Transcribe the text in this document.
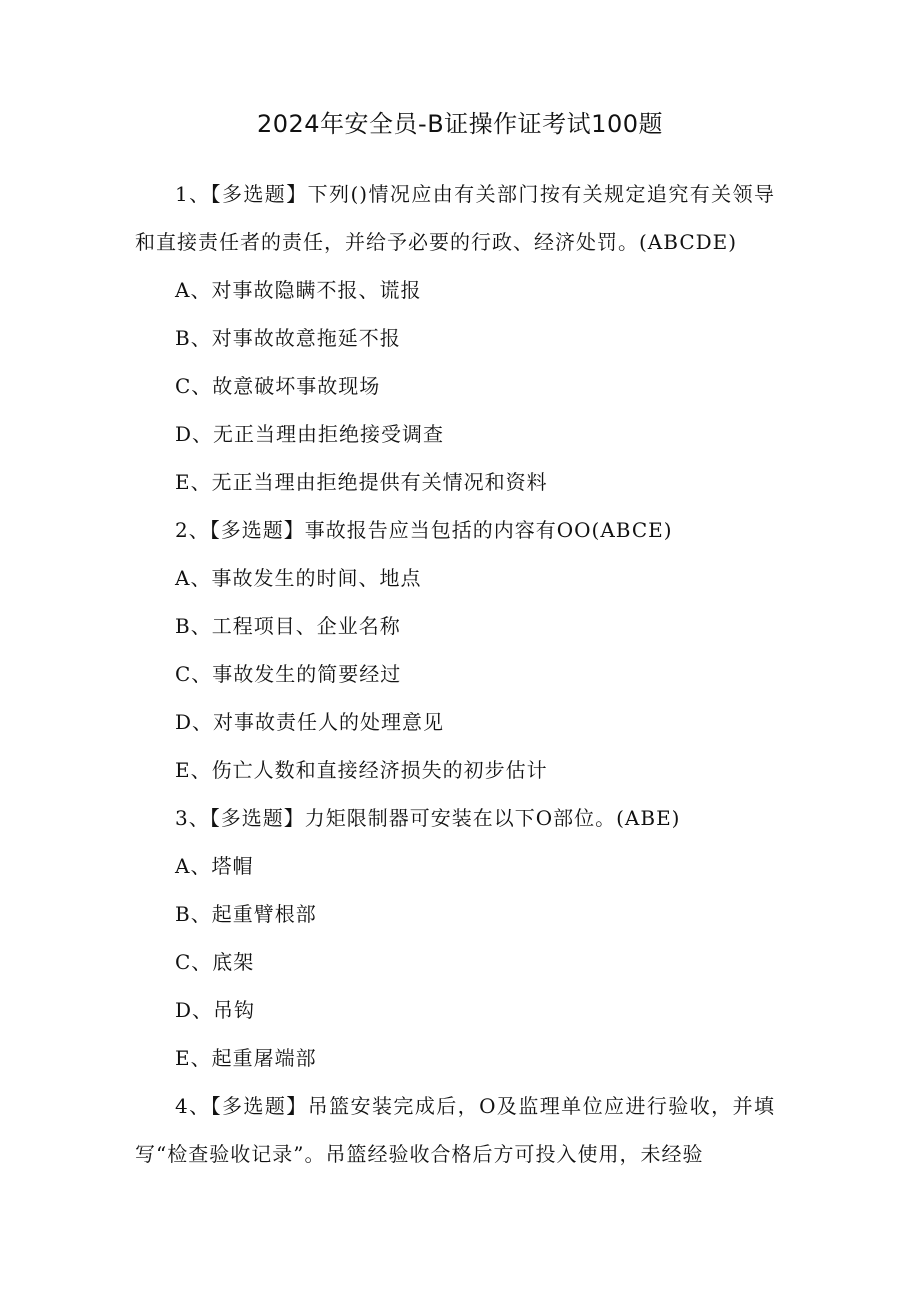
2024年安全员-B证操作证考试100题

1、【多选题】下列()情况应由有关部门按有关规定追究有关领导和直接责任者的责任，并给予必要的行政、经济处罚。(ABCDE)

A、对事故隐瞒不报、谎报

B、对事故故意拖延不报

C、故意破坏事故现场

D、无正当理由拒绝接受调查

E、无正当理由拒绝提供有关情况和资料

2、【多选题】事故报告应当包括的内容有OO(ABCE)

A、事故发生的时间、地点

B、工程项目、企业名称

C、事故发生的简要经过

D、对事故责任人的处理意见

E、伤亡人数和直接经济损失的初步估计

3、【多选题】力矩限制器可安装在以下O部位。(ABE)

A、塔帽

B、起重臂根部

C、底架

D、吊钩

E、起重屠端部

4、【多选题】吊篮安装完成后，O及监理单位应进行验收，并填写“检查验收记录”。吊篮经验收合格后方可投入使用，未经验
